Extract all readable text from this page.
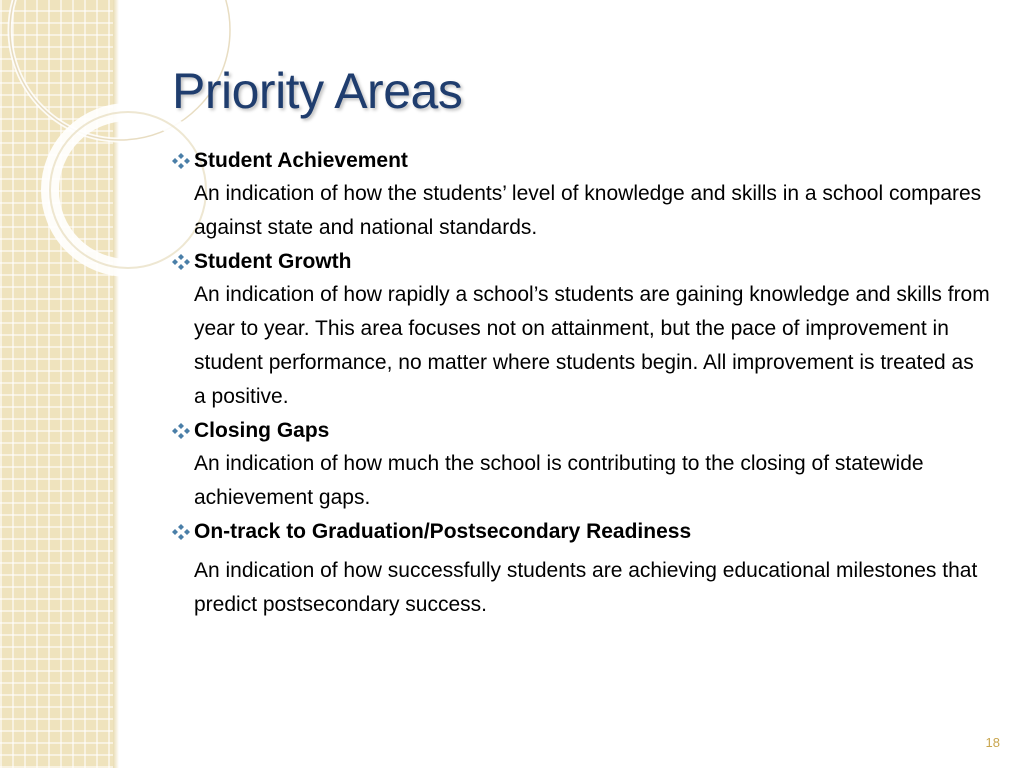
Priority Areas
Student Achievement

An indication of how the students’ level of knowledge and skills in a school compares against state and national standards.

Student Growth

An indication of how rapidly a school’s students are gaining knowledge and skills from year to year. This area focuses not on attainment, but the pace of improvement in student performance, no matter where students begin. All improvement is treated as a positive.

Closing Gaps

An indication of how much the school is contributing to the closing of statewide achievement gaps.

On-track to Graduation/Postsecondary Readiness

An indication of how successfully students are achieving educational milestones that predict postsecondary success.

18
